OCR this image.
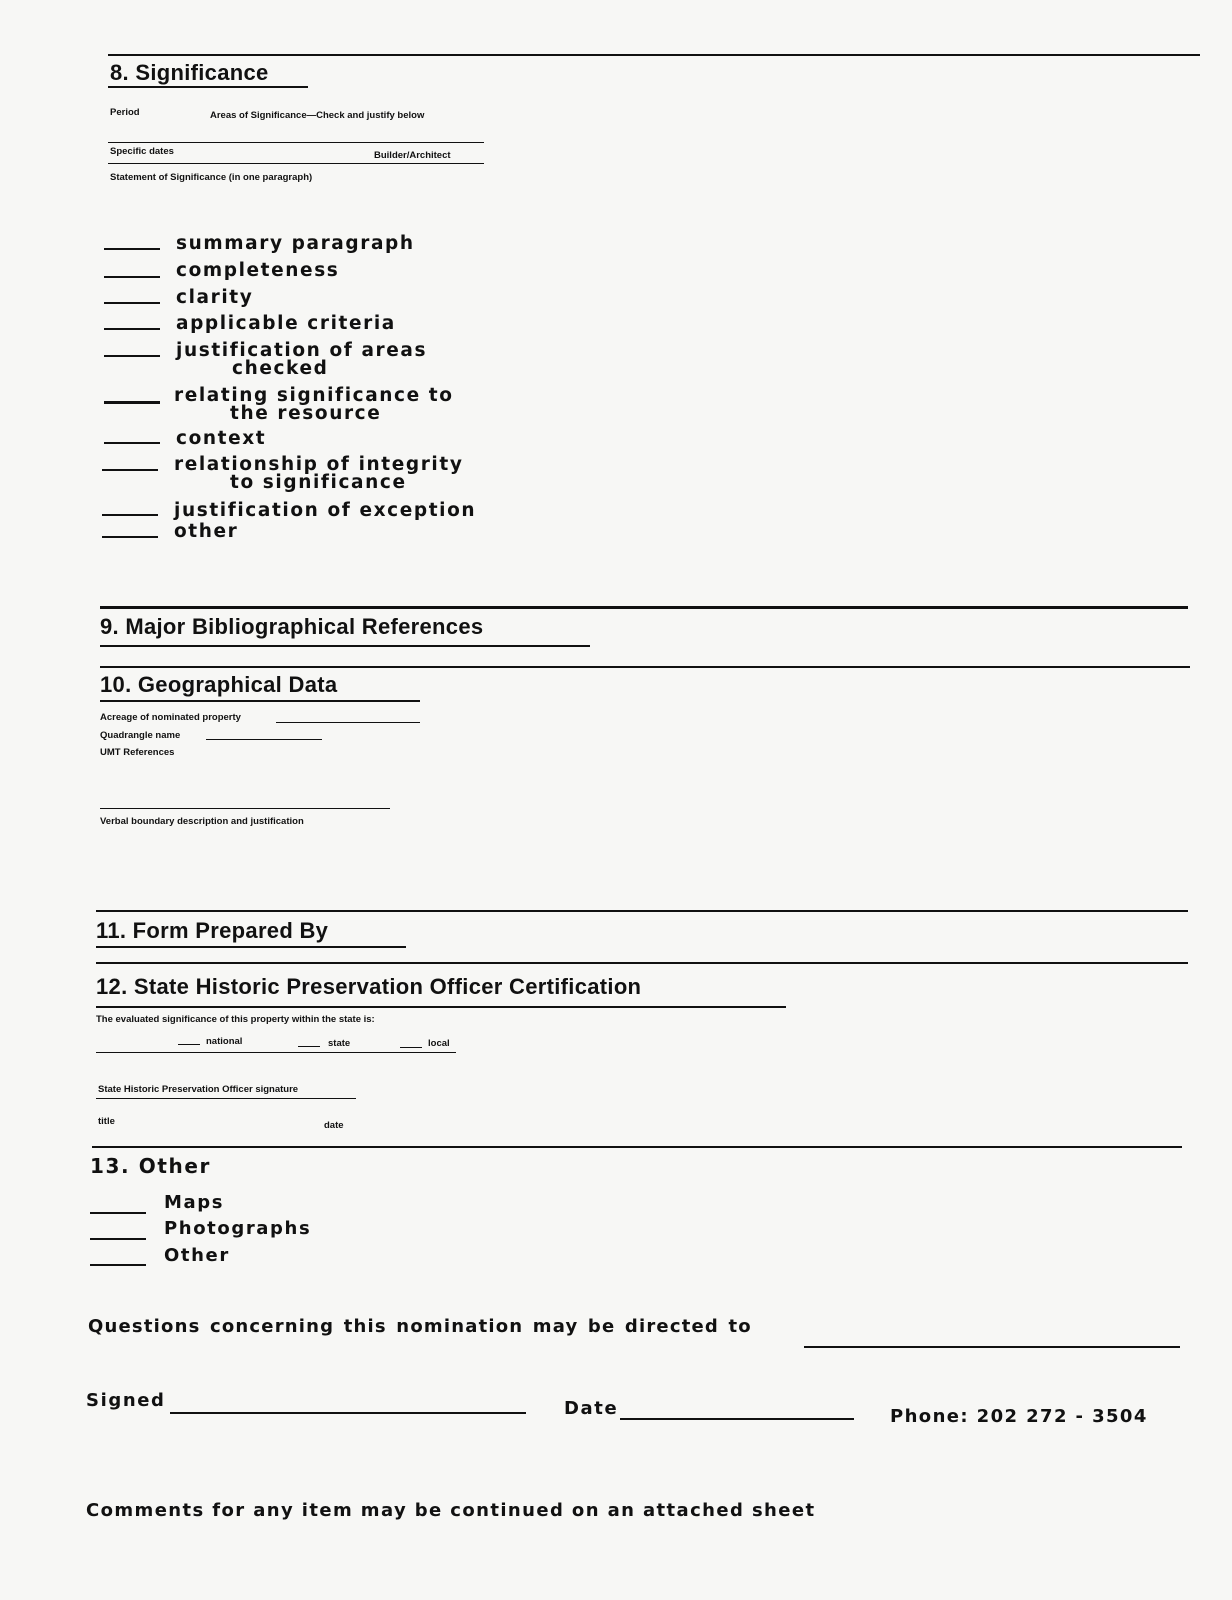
8. Significance
Period	Areas of Significance—Check and justify below
Specific dates	Builder/Architect
Statement of Significance (in one paragraph)
summary paragraph
completeness
clarity
applicable criteria
justification of areas
checked
relating significance to
the resource
context
relationship of integrity
to significance
justification of exception
other
9. Major Bibliographical References
10. Geographical Data
Acreage of nominated property
Quadrangle name
UMT References
Verbal boundary description and justification
11. Form Prepared By
12. State Historic Preservation Officer Certification
The evaluated significance of this property within the state is:
national	state	local
State Historic Preservation Officer signature
title	date
13. Other
Maps
Photographs
Other
Questions concerning this nomination may be directed to
Signed	Date	Phone: 202 272 - 3504
Comments for any item may be continued on an attached sheet
